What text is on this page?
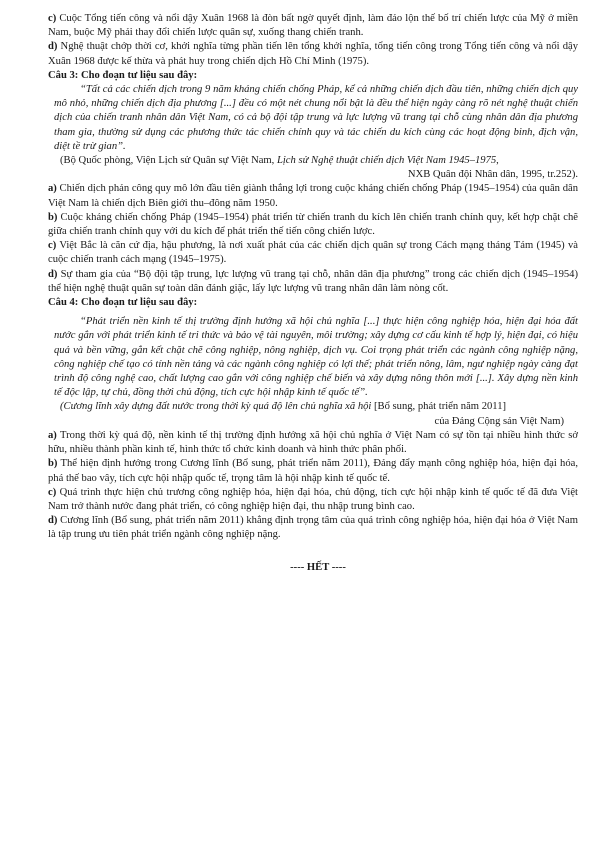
c) Cuộc Tổng tiến công và nổi dậy Xuân 1968 là đòn bất ngờ quyết định, làm đảo lộn thế bố trí chiến lược của Mỹ ở miền Nam, buộc Mỹ phải thay đổi chiến lược quân sự, xuống thang chiến tranh.

d) Nghệ thuật chớp thời cơ, khởi nghĩa từng phần tiến lên tổng khởi nghĩa, tổng tiến công trong Tổng tiến công và nổi dậy Xuân 1968 được kế thừa và phát huy trong chiến dịch Hồ Chí Minh (1975).

Câu 3: Cho đoạn tư liệu sau đây:

“Tất cả các chiến dịch trong 9 năm kháng chiến chống Pháp, kể cả những chiến dịch đầu tiên, những chiến dịch quy mô nhỏ, những chiến dịch địa phương [...] đều có một nét chung nổi bật là đều thể hiện ngày càng rõ nét nghệ thuật chiến dịch của chiến tranh nhân dân Việt Nam, có cả bộ đội tập trung và lực lượng vũ trang tại chỗ cùng nhân dân địa phương tham gia, thường sử dụng các phương thức tác chiến chính quy và tác chiến du kích cùng các hoạt động binh, địch vận, diệt tề trừ gian”.

(Bộ Quốc phòng, Viện Lịch sử Quân sự Việt Nam, Lịch sử Nghệ thuật chiến dịch Việt Nam 1945–1975,

NXB Quân đội Nhân dân, 1995, tr.252).

a) Chiến dịch phản công quy mô lớn đầu tiên giành thắng lợi trong cuộc kháng chiến chống Pháp (1945–1954) của quân dân Việt Nam là chiến dịch Biên giới thu–đông năm 1950.

b) Cuộc kháng chiến chống Pháp (1945–1954) phát triển từ chiến tranh du kích lên chiến tranh chính quy, kết hợp chặt chẽ giữa chiến tranh chính quy với du kích để phát triển thế tiến công chiến lược.

c) Việt Bắc là căn cứ địa, hậu phương, là nơi xuất phát của các chiến dịch quân sự trong Cách mạng tháng Tám (1945) và cuộc chiến tranh cách mạng (1945–1975).

d) Sự tham gia của “Bộ đội tập trung, lực lượng vũ trang tại chỗ, nhân dân địa phương” trong các chiến dịch (1945–1954) thể hiện nghệ thuật quân sự toàn dân đánh giặc, lấy lực lượng vũ trang nhân dân làm nòng cốt.

Câu 4: Cho đoạn tư liệu sau đây:

“Phát triển nền kinh tế thị trường định hướng xã hội chủ nghĩa [...] thực hiện công nghiệp hóa, hiện đại hóa đất nước gắn với phát triển kinh tế tri thức và bảo vệ tài nguyên, môi trường; xây dựng cơ cấu kinh tế hợp lý, hiện đại, có hiệu quả và bền vững, gắn kết chặt chẽ công nghiệp, nông nghiệp, dịch vụ. Coi trọng phát triển các ngành công nghiệp nặng, công nghiệp chế tạo có tính nền tảng và các ngành công nghiệp có lợi thế; phát triển nông, lâm, ngư nghiệp ngày càng đạt trình độ công nghệ cao, chất lượng cao gắn với công nghiệp chế biến và xây dựng nông thôn mới [...]. Xây dựng nền kinh tế độc lập, tự chủ, đồng thời chủ động, tích cực hội nhập kinh tế quốc tế”.

(Cương lĩnh xây dựng đất nước trong thời kỳ quá độ lên chủ nghĩa xã hội [Bổ sung, phát triển năm 2011]

của Đảng Cộng sản Việt Nam)

a) Trong thời kỳ quá độ, nền kinh tế thị trường định hướng xã hội chủ nghĩa ở Việt Nam có sự tồn tại nhiều hình thức sở hữu, nhiều thành phần kinh tế, hình thức tổ chức kinh doanh và hình thức phân phối.

b) Thể hiện định hướng trong Cương lĩnh (Bổ sung, phát triển năm 2011), Đảng đẩy mạnh công nghiệp hóa, hiện đại hóa, phá thế bao vây, tích cực hội nhập quốc tế, trọng tâm là hội nhập kinh tế quốc tế.

c) Quá trình thực hiện chủ trương công nghiệp hóa, hiện đại hóa, chủ động, tích cực hội nhập kinh tế quốc tế đã đưa Việt Nam trở thành nước đang phát triển, có công nghiệp hiện đại, thu nhập trung bình cao.

d) Cương lĩnh (Bổ sung, phát triển năm 2011) khẳng định trọng tâm của quá trình công nghiệp hóa, hiện đại hóa ở Việt Nam là tập trung ưu tiên phát triển ngành công nghiệp nặng.

---- HẾT ----
